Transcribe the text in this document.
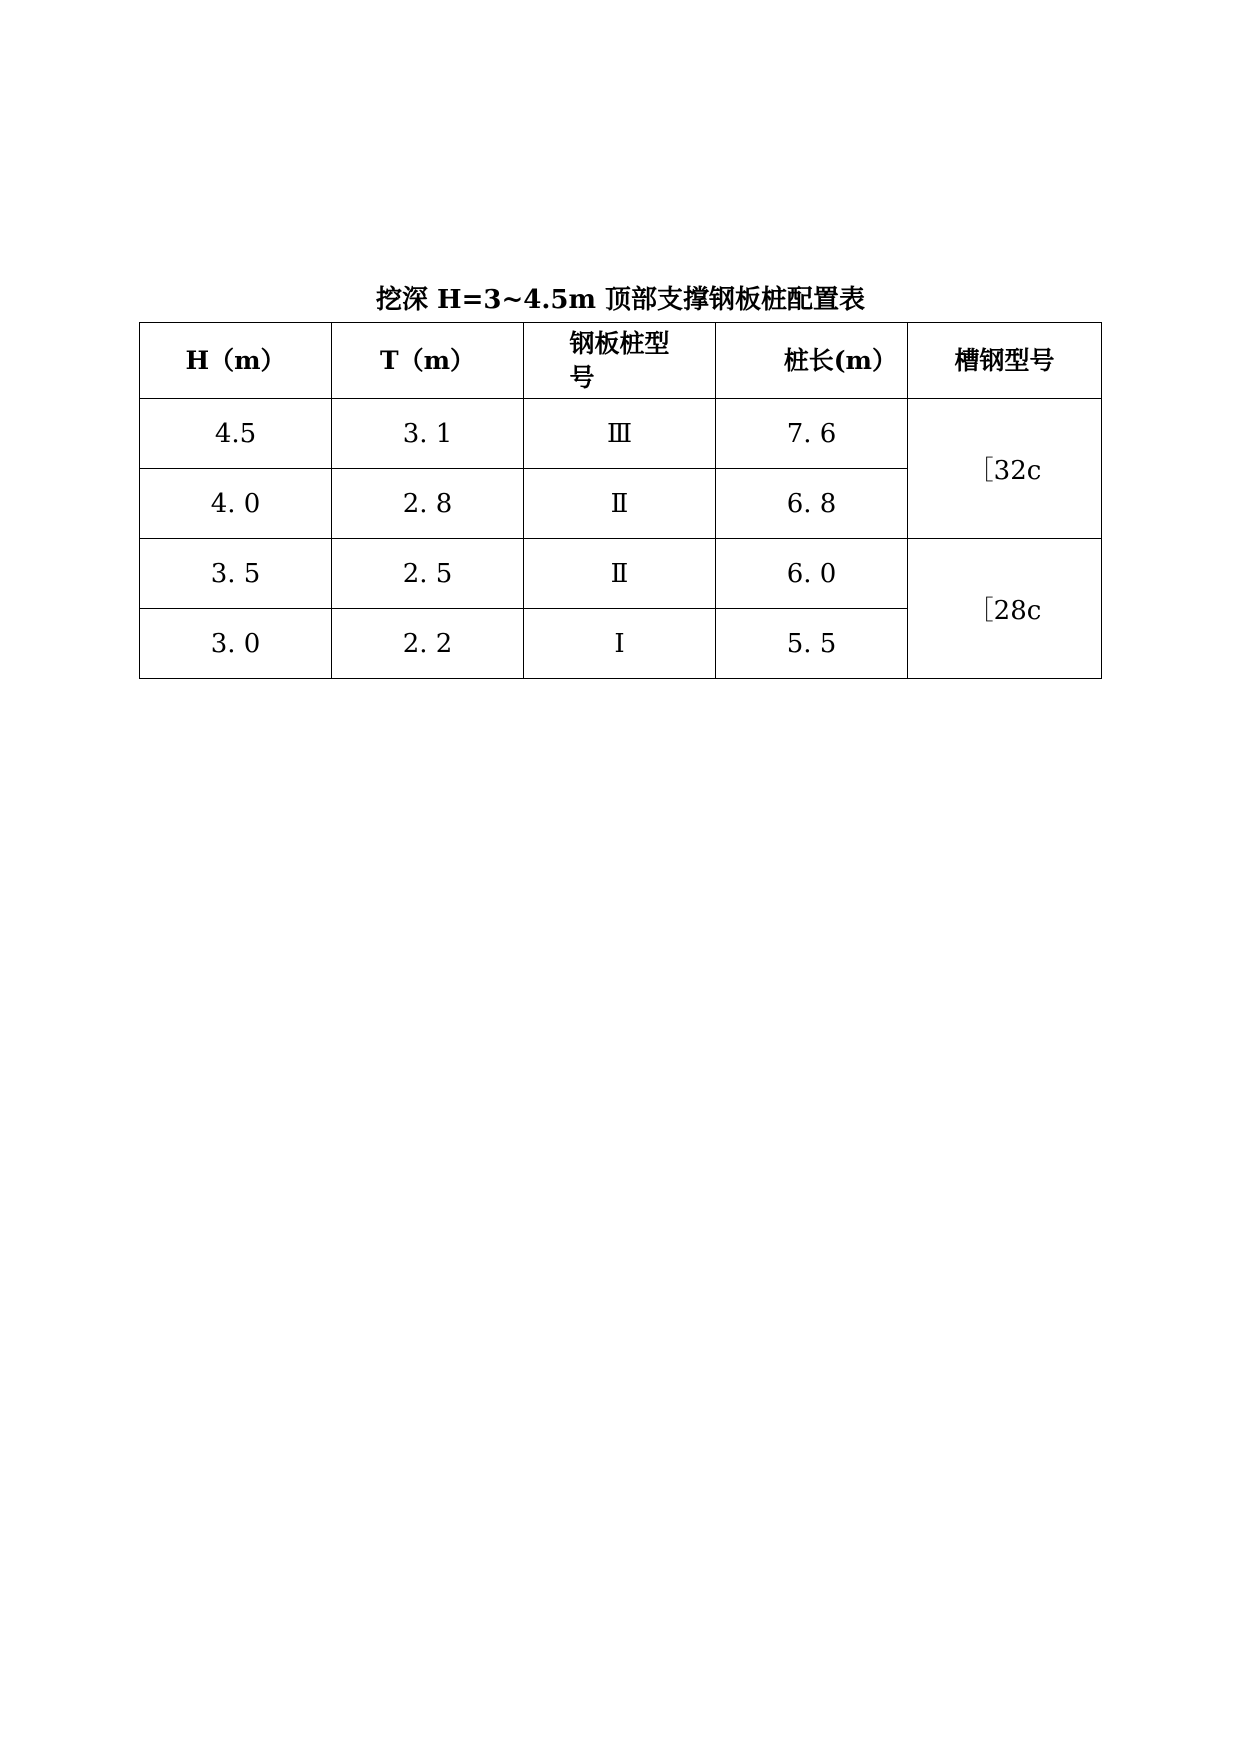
挖深 H=3~4.5m 顶部支撑钢板桩配置表
H（m）	T（m）	钢板桩型号	桩长(m）	槽钢型号
4.5	3. 1	Ⅲ	7. 6	［32c
4. 0	2. 8	Ⅱ	6. 8	
3. 5	2. 5	Ⅱ	6. 0	［28c
3. 0	2. 2	Ⅰ	5. 5	
